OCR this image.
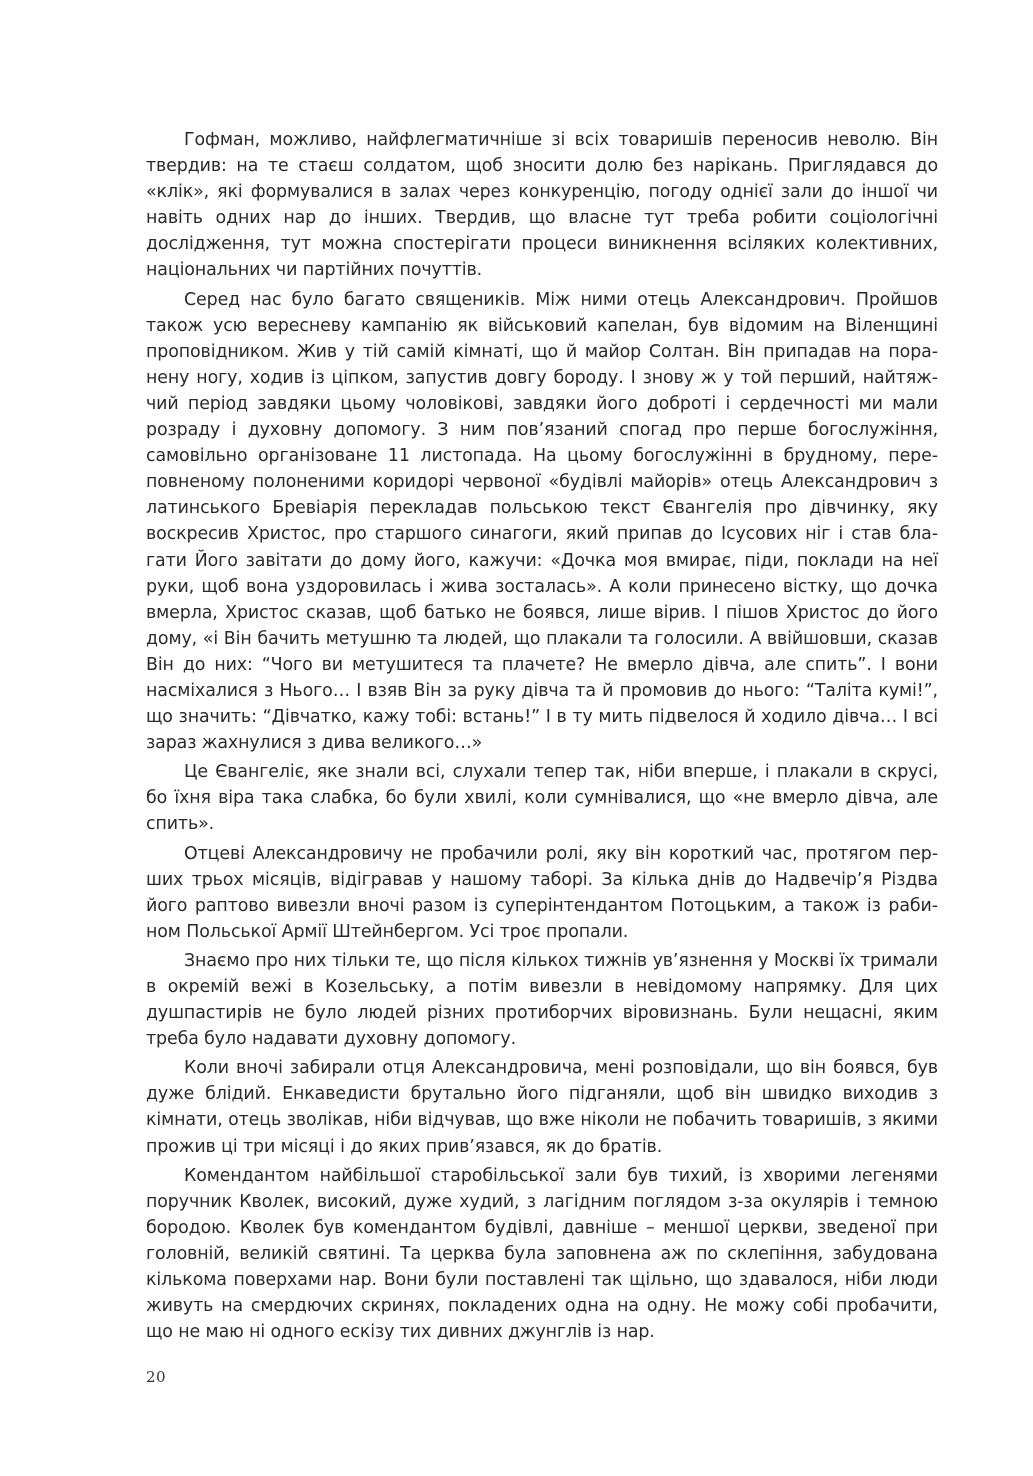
Гофман, можливо, найфлегматичніше зі всіх товаришів переносив неволю. Він твердив: на те стаєш солдатом, щоб зносити долю без нарікань. Приглядався до «клік», які формувалися в залах через конкуренцію, погоду однієї зали до іншої чи навіть одних нар до інших. Твердив, що власне тут треба робити соціологічні дослідження, тут можна спостерігати процеси виникнення всіляких колективних, національних чи партійних почуттів.

Серед нас було багато священиків. Між ними отець Александрович. Пройшов також усю вересневу кампанію як військовий капелан, був відомим на Віленщині проповідником. Жив у тій самій кімнаті, що й майор Солтан. Він припадав на поранену ногу, ходив із ціпком, запустив довгу бороду. І знову ж у той перший, найтяжчий період завдяки цьому чоловікові, завдяки його доброті і сердечності ми мали розраду і духовну допомогу. З ним пов’язаний спогад про перше богослужіння, самовільно організоване 11 листопада. На цьому богослужінні в брудному, переповненому полоненими коридорі червоної «будівлі майорів» отець Александрович з латинського Бревіарія перекладав польською текст Євангелія про дівчинку, яку воскресив Христос, про старшого синагоги, який припав до Ісусових ніг і став благати Його завітати до дому його, кажучи: «Дочка моя вмирає, піди, поклади на неї руки, щоб вона уздоровилась і жива зосталась». А коли принесено вістку, що дочка вмерла, Христос сказав, щоб батько не боявся, лише вірив. І пішов Христос до його дому, «і Він бачить метушню та людей, що плакали та голосили. А ввійшовши, сказав Він до них: “Чого ви метушитеся та плачете? Не вмерло дівча, але спить”. І вони насміхалися з Нього… І взяв Він за руку дівча та й промовив до нього: “Таліта кумі!”, що значить: “Дівчатко, кажу тобі: встань!” І в ту мить підвелося й ходило дівча… І всі зараз жахнулися з дива великого…»

Це Євангеліє, яке знали всі, слухали тепер так, ніби вперше, і плакали в скрусі, бо їхня віра така слабка, бо були хвилі, коли сумнівалися, що «не вмерло дівча, але спить».

Отцеві Александровичу не пробачили ролі, яку він короткий час, протягом перших трьох місяців, відігравав у нашому таборі. За кілька днів до Надвечір’я Різдва його раптово вивезли вночі разом із суперінтендантом Потоцьким, а також із рабином Польської Армії Штейнбергом. Усі троє пропали.

Знаємо про них тільки те, що після кількох тижнів ув’язнення у Москві їх тримали в окремій вежі в Козельську, а потім вивезли в невідомому напрямку. Для цих душпастирів не було людей різних протиборчих віровизнань. Були нещасні, яким треба було надавати духовну допомогу.

Коли вночі забирали отця Александровича, мені розповідали, що він боявся, був дуже блідий. Енкаведисти брутально його підганяли, щоб він швидко виходив з кімнати, отець зволікав, ніби відчував, що вже ніколи не побачить товаришів, з якими прожив ці три місяці і до яких прив’язався, як до братів.

Комендантом найбільшої старобільської зали був тихий, із хворими легенями поручник Кволек, високий, дуже худий, з лагідним поглядом з-за окулярів і темною бородою. Кволек був комендантом будівлі, давніше – меншої церкви, зведеної при головній, великій святині. Та церква була заповнена аж по склепіння, забудована кількома поверхами нар. Вони були поставлені так щільно, що здавалося, ніби люди живуть на смердючих скринях, покладених одна на одну. Не можу собі пробачити, що не маю ні одного ескізу тих дивних джунглів із нар.

20
